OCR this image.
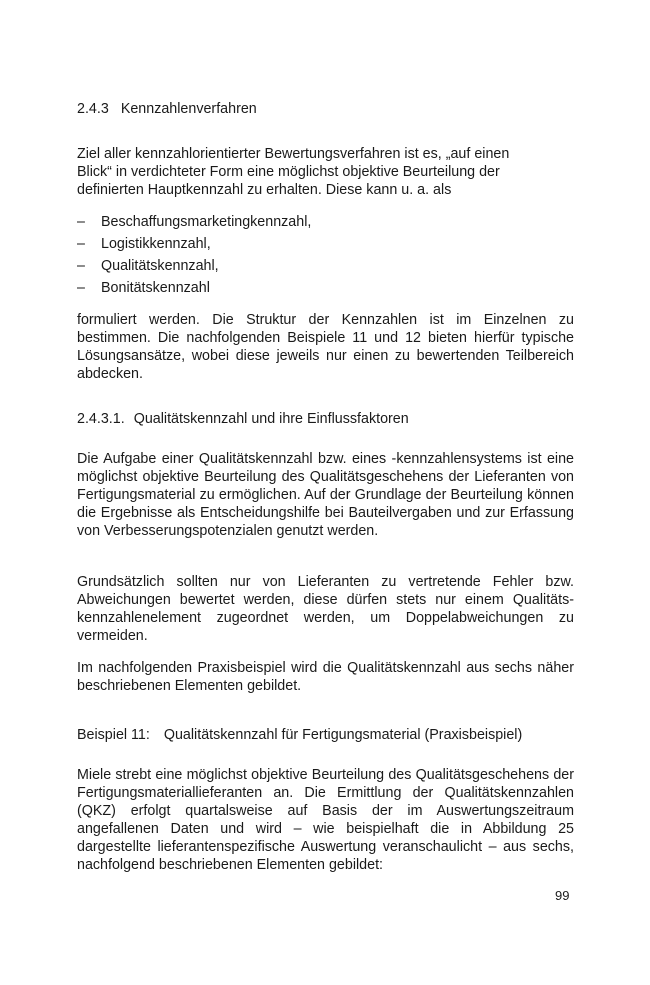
2.4.3 Kennzahlenverfahren

Ziel aller kennzahlorientierter Bewertungsverfahren ist es, „auf einen Blick“ in verdichteter Form eine möglichst objektive Beurteilung der definierten Hauptkennzahl zu erhalten. Diese kann u. a. als

– Beschaffungsmarketingkennzahl,
– Logistikkennzahl,
– Qualitätskennzahl,
– Bonitätskennzahl

formuliert werden. Die Struktur der Kennzahlen ist im Einzelnen zu bestimmen. Die nachfolgenden Beispiele 11 und 12 bieten hierfür typische Lösungsansätze, wobei diese jeweils nur einen zu bewertenden Teilbereich abdecken.

2.4.3.1. Qualitätskennzahl und ihre Einflussfaktoren

Die Aufgabe einer Qualitätskennzahl bzw. eines -kennzahlensystems ist eine möglichst objektive Beurteilung des Qualitätsgeschehens der Lieferanten von Fertigungsmaterial zu ermöglichen. Auf der Grundlage der Beurteilung können die Ergebnisse als Entscheidungshilfe bei Bauteilvergaben und zur Erfassung von Verbesserungspotenzialen genutzt werden.

Grundsätzlich sollten nur von Lieferanten zu vertretende Fehler bzw. Abweichungen bewertet werden, diese dürfen stets nur einem Qualitätskennzahlenelement zugeordnet werden, um Doppelabweichungen zu vermeiden.

Im nachfolgenden Praxisbeispiel wird die Qualitätskennzahl aus sechs näher beschriebenen Elementen gebildet.

Beispiel 11: Qualitätskennzahl für Fertigungsmaterial (Praxisbeispiel)

Miele strebt eine möglichst objektive Beurteilung des Qualitätsgeschehens der Fertigungsmateriallieferanten an. Die Ermittlung der Qualitätskennzahlen (QKZ) erfolgt quartalsweise auf Basis der im Auswertungszeitraum angefallenen Daten und wird – wie beispielhaft die in Abbildung 25 dargestellte lieferantenspezifische Auswertung veranschaulicht – aus sechs, nachfolgend beschriebenen Elementen gebildet:

99
